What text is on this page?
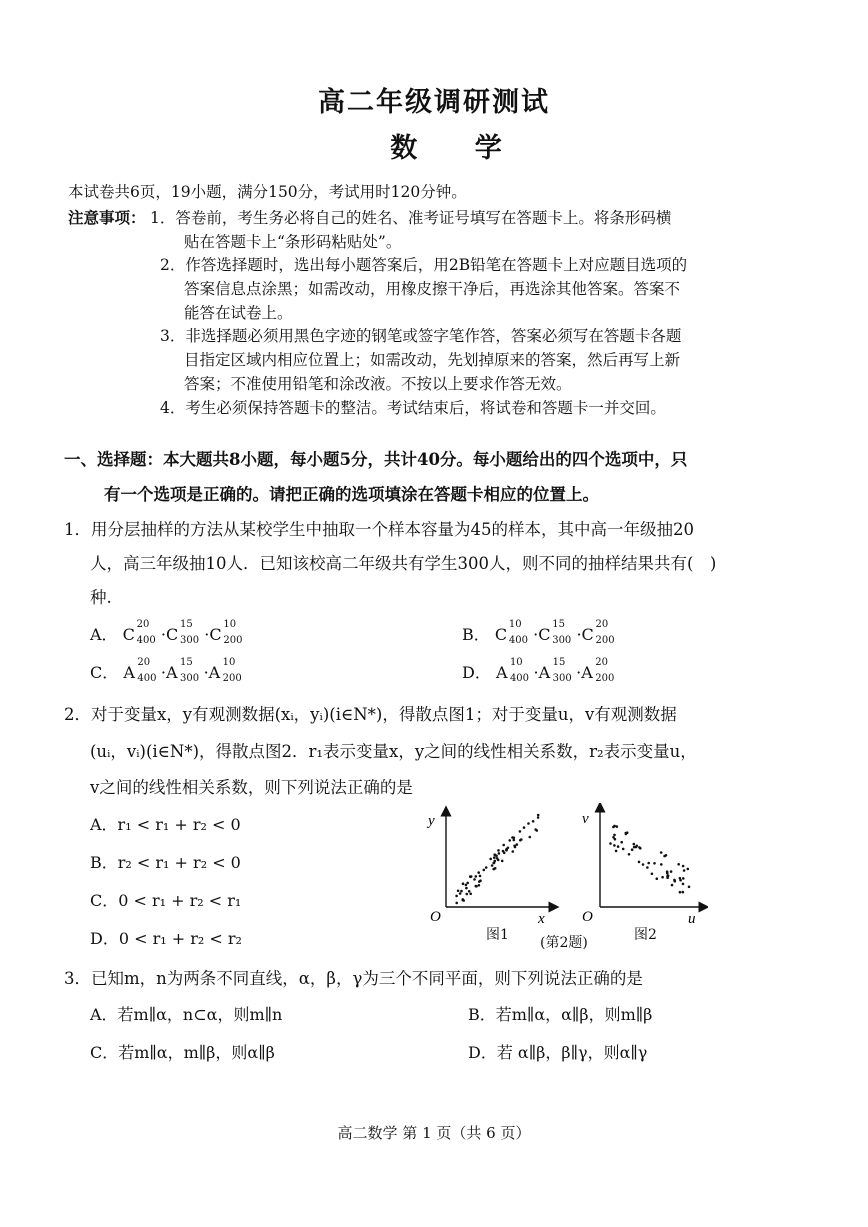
高二年级调研测试
数 学
本试卷共6页，19小题，满分150分，考试用时120分钟。
注意事项： 1．答卷前，考生务必将自己的姓名、准考证号填写在答题卡上。将条形码横
贴在答题卡上“条形码粘贴处”。
2．作答选择题时，选出每小题答案后，用2B铅笔在答题卡上对应题目选项的
答案信息点涂黑；如需改动，用橡皮擦干净后，再选涂其他答案。答案不
能答在试卷上。
3．非选择题必须用黑色字迹的钢笔或签字笔作答，答案必须写在答题卡各题
目指定区域内相应位置上；如需改动，先划掉原来的答案，然后再写上新
答案；不准使用铅笔和涂改液。不按以上要求作答无效。
4．考生必须保持答题卡的整洁。考试结束后，将试卷和答题卡一并交回。
一、选择题：本大题共8小题，每小题5分，共计40分。每小题给出的四个选项中，只
有一个选项是正确的。请把正确的选项填涂在答题卡相应的位置上。
1．用分层抽样的方法从某校学生中抽取一个样本容量为45的样本，其中高一年级抽20
人，高三年级抽10人．已知该校高二年级共有学生300人，则不同的抽样结果共有(　)
种.
A． C
20
400 ·C
15
300 ·C
10
200	B． C
10
400 ·C
15
300 ·C
20
200
C． A
20
400 ·A
15
300 ·A
10
200	D． A
10
400 ·A
15
300 ·A
20
200
2．对于变量x，y有观测数据(xᵢ，yᵢ)(i∈N*)，得散点图1；对于变量u，v有观测数据
(uᵢ，vᵢ)(i∈N*)，得散点图2．r₁表示变量x，y之间的线性相关系数，r₂表示变量u，
v之间的线性相关系数，则下列说法正确的是
A．r₁ < r₁ + r₂ < 0
B．r₂ < r₁ + r₂ < 0
C．0 < r₁ + r₂ < r₁
D．0 < r₁ + r₂ < r₂
y
O	x
v
O	u
图1 (第2题)	图2
3．已知m，n为两条不同直线，α，β，γ为三个不同平面，则下列说法正确的是
A．若m∥α，n⊂α，则m∥n	B．若m∥α，α∥β，则m∥β
C．若m∥α，m∥β，则α∥β	D．若 α∥β，β∥γ，则α∥γ
高二数学 第 1 页（共 6 页）
